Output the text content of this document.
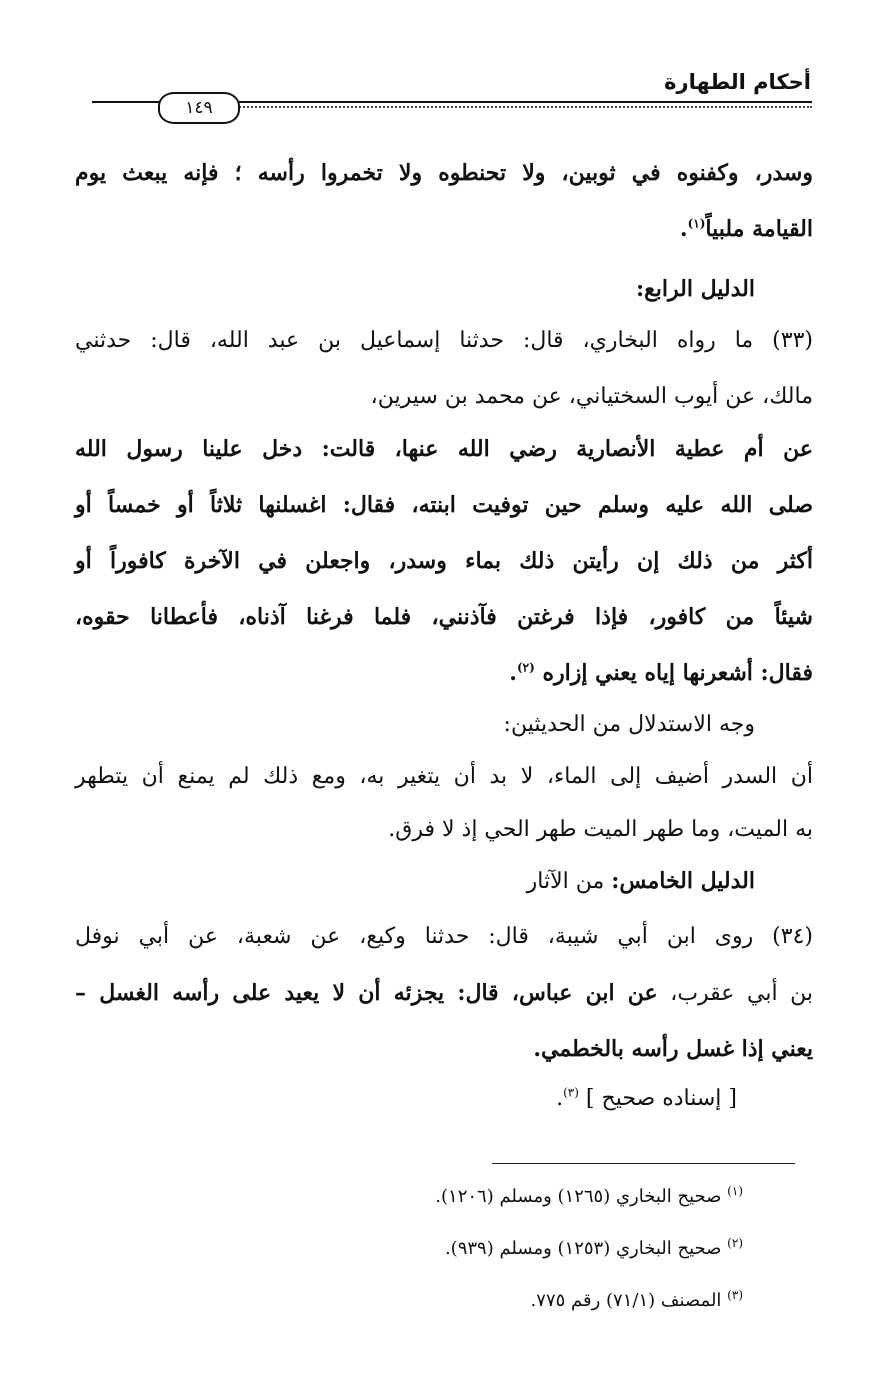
أحكام الطهارة
١٤٩
وسدر، وكفنوه في ثوبين، ولا تحنطوه ولا تخمروا رأسه ؛ فإنه يبعث يوم
القيامة ملبياً$^{(١)}$.
الدليل الرابع:
(٣٣) ما رواه البخاري، قال: حدثنا إسماعيل بن عبد الله، قال: حدثني
مالك، عن أيوب السختياني، عن محمد بن سيرين،
عن أم عطية الأنصارية رضي الله عنها، قالت: دخل علينا رسول الله
صلى الله عليه وسلم حين توفيت ابنته، فقال: اغسلنها ثلاثاً أو خمساً أو
أكثر من ذلك إن رأيتن ذلك بماء وسدر، واجعلن في الآخرة كافوراً أو
شيئاً من كافور، فإذا فرغتن فآذنني، فلما فرغنا آذناه، فأعطانا حقوه،
فقال: أشعرنها إياه يعني إزاره $^{(٢)}$.
وجه الاستدلال من الحديثين:
أن السدر أضيف إلى الماء، لا بد أن يتغير به، ومع ذلك لم يمنع أن يتطهر
به الميت، وما طهر الميت طهر الحي إذ لا فرق.
الدليل الخامس: من الآثار
(٣٤) روى ابن أبي شيبة، قال: حدثنا وكيع، عن شعبة، عن أبي نوفل
بن أبي عقرب، عن ابن عباس، قال: يجزئه أن لا يعيد على رأسه الغسل –
يعني إذا غسل رأسه بالخطمي.
[ إسناده صحيح ] $^{(٣)}$.
$^{(١)}$ صحيح البخاري (١٢٦٥) ومسلم (١٢٠٦).
$^{(٢)}$ صحيح البخاري (١٢٥٣) ومسلم (٩٣٩).
$^{(٣)}$ المصنف (٧١/١) رقم ٧٧٥.
